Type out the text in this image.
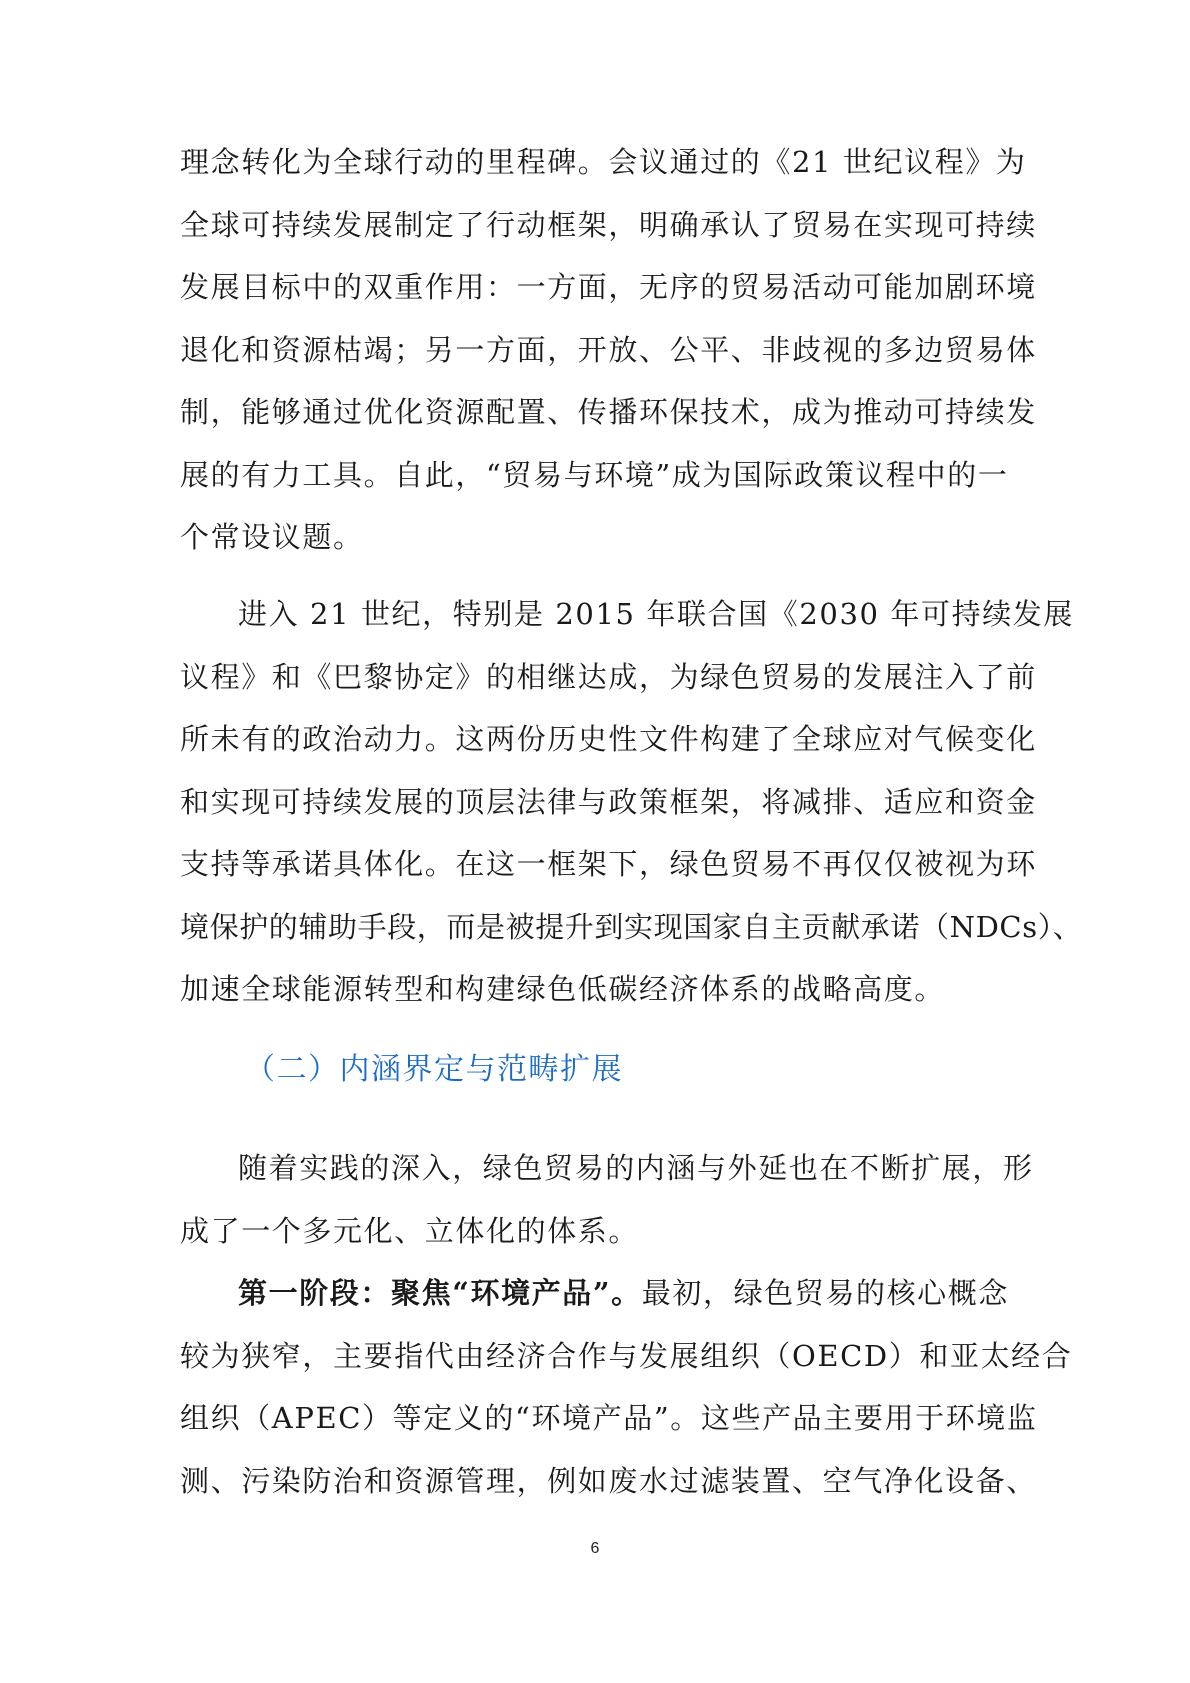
理念转化为全球行动的里程碑。会议通过的《21 世纪议程》为
全球可持续发展制定了行动框架，明确承认了贸易在实现可持续
发展目标中的双重作用：一方面，无序的贸易活动可能加剧环境
退化和资源枯竭；另一方面，开放、公平、非歧视的多边贸易体
制，能够通过优化资源配置、传播环保技术，成为推动可持续发
展的有力工具。自此，“贸易与环境”成为国际政策议程中的一
个常设议题。
进入 21 世纪，特别是 2015 年联合国《2030 年可持续发展
议程》和《巴黎协定》的相继达成，为绿色贸易的发展注入了前
所未有的政治动力。这两份历史性文件构建了全球应对气候变化
和实现可持续发展的顶层法律与政策框架，将减排、适应和资金
支持等承诺具体化。在这一框架下，绿色贸易不再仅仅被视为环
境保护的辅助手段，而是被提升到实现国家自主贡献承诺（NDCs）、
加速全球能源转型和构建绿色低碳经济体系的战略高度。
（二）内涵界定与范畴扩展
随着实践的深入，绿色贸易的内涵与外延也在不断扩展，形
成了一个多元化、立体化的体系。
第一阶段：聚焦“环境产品”。最初，绿色贸易的核心概念
较为狭窄，主要指代由经济合作与发展组织（OECD）和亚太经合
组织（APEC）等定义的“环境产品”。这些产品主要用于环境监
测、污染防治和资源管理，例如废水过滤装置、空气净化设备、
6
